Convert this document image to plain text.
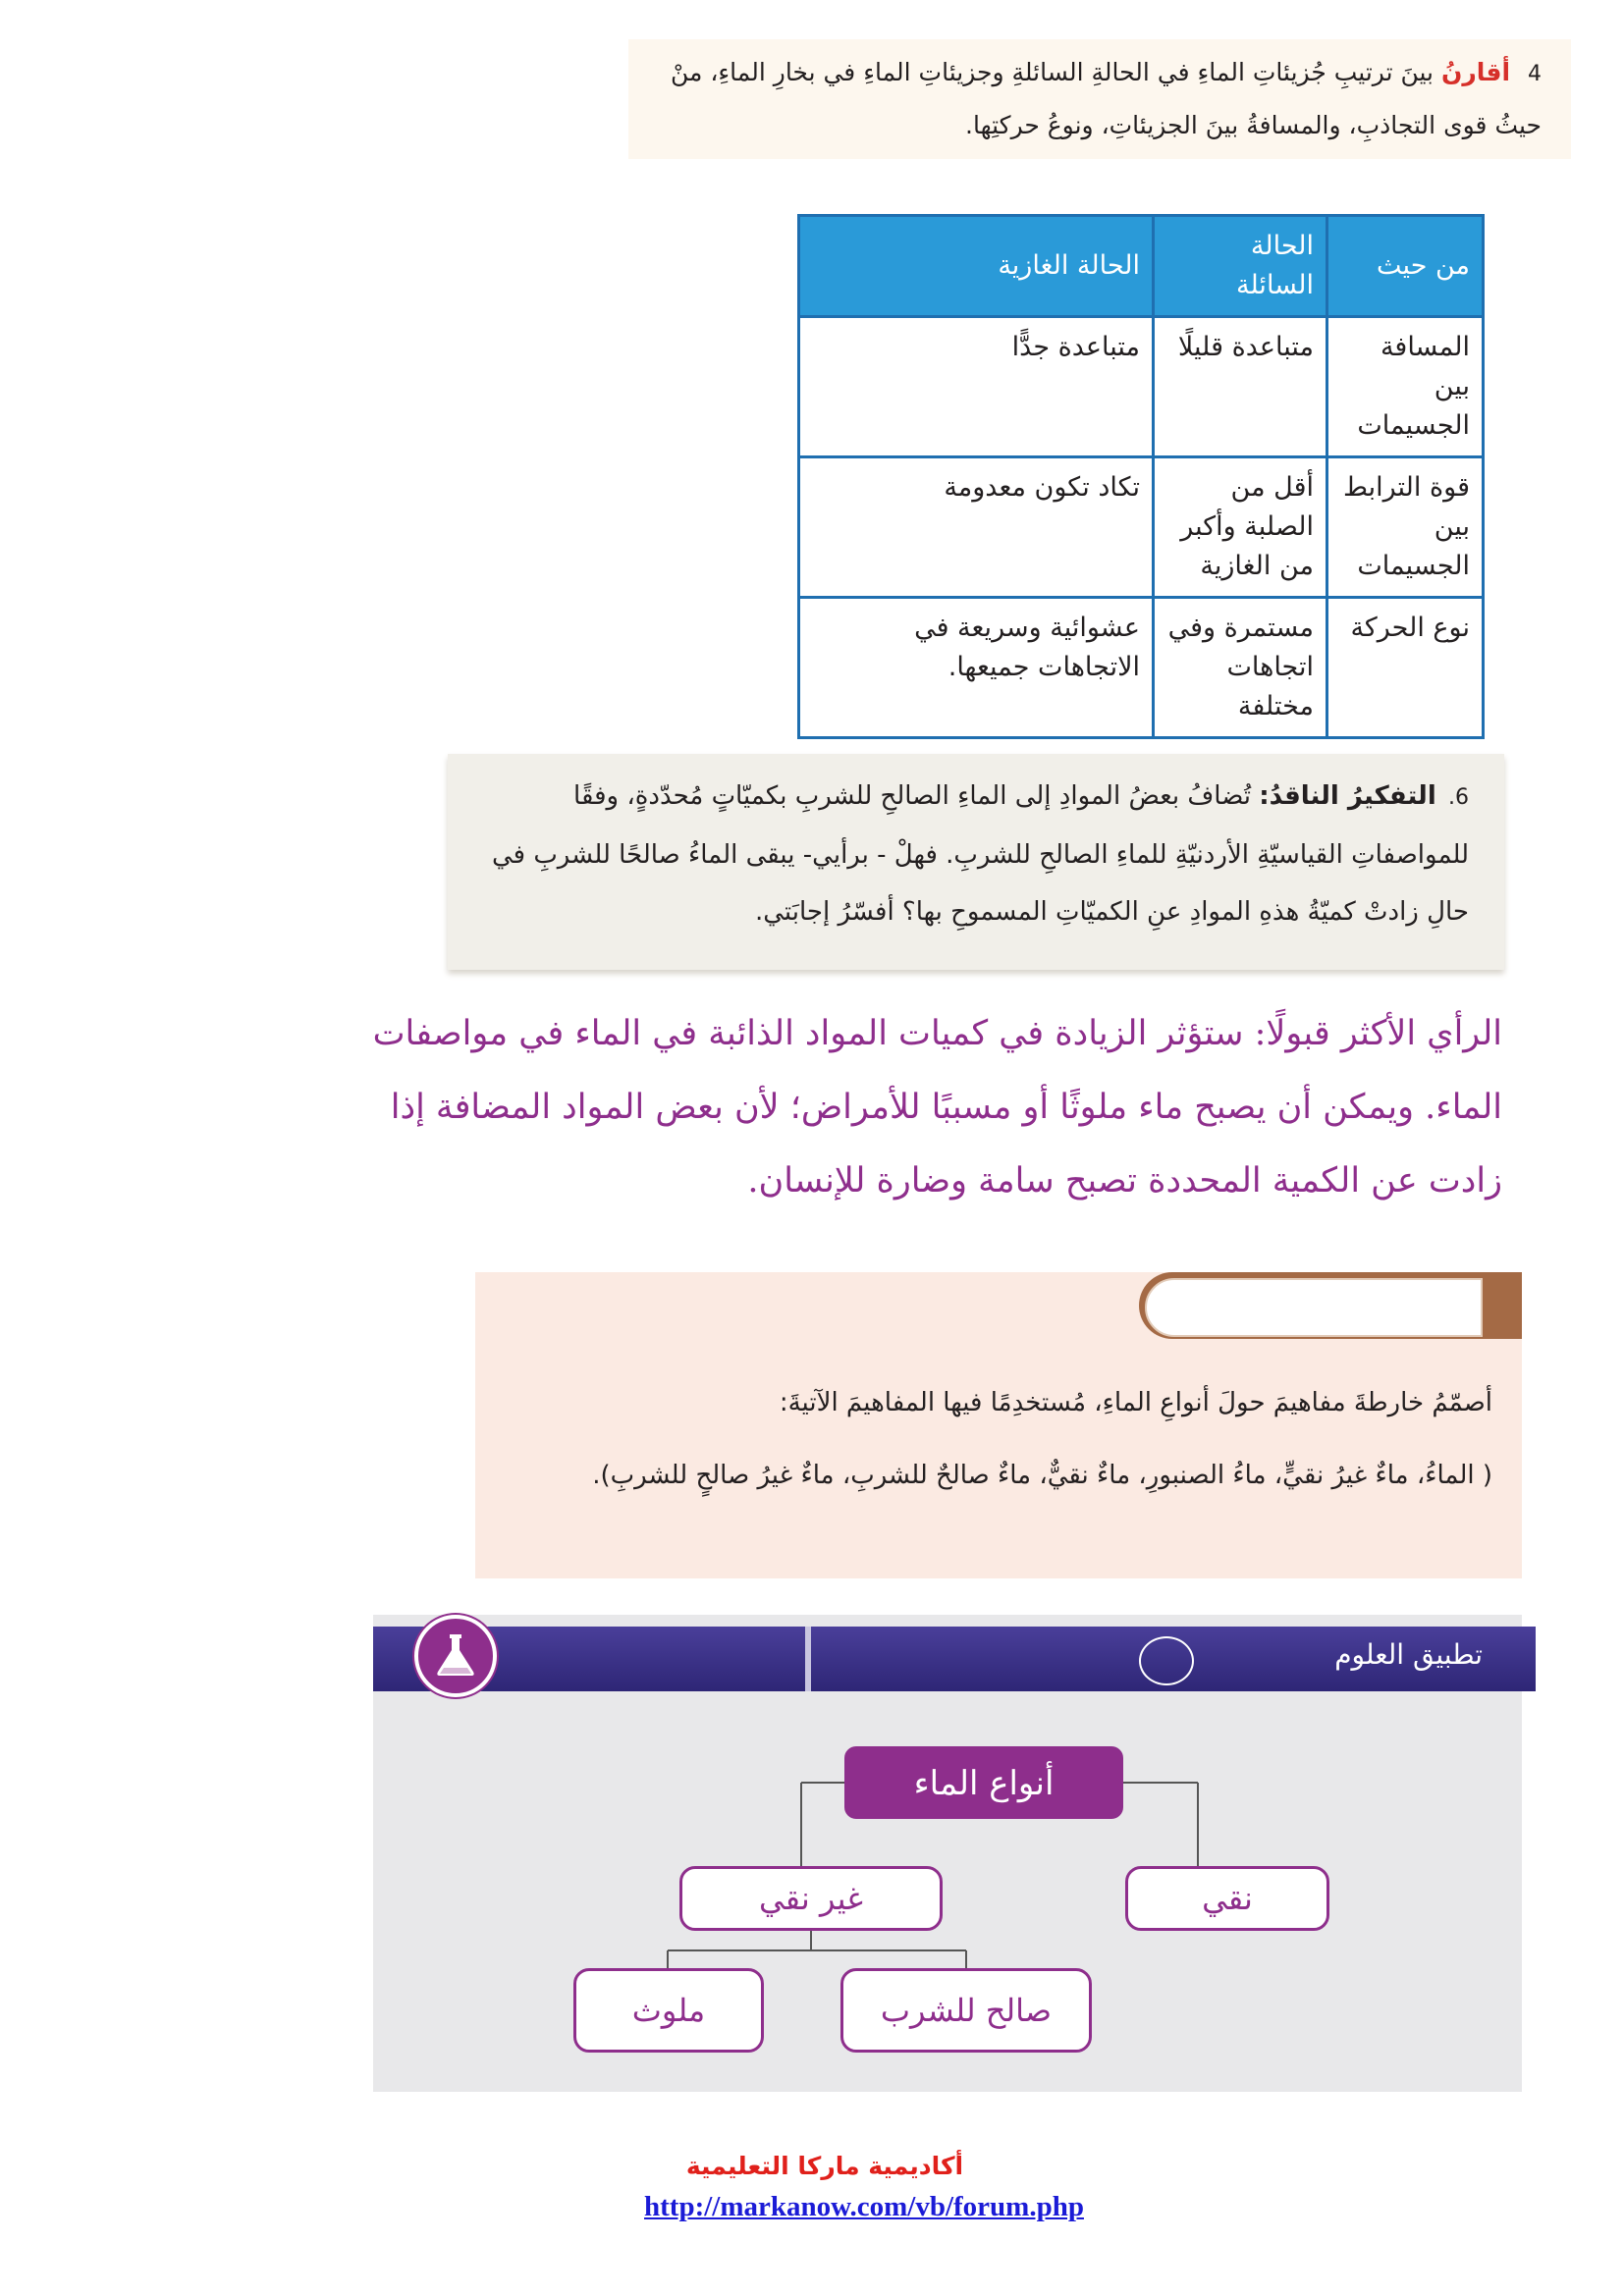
4 أقارنُ بينَ ترتيبِ جُزيئاتِ الماءِ في الحالةِ السائلةِ وجزيئاتِ الماءِ في بخارِ الماءِ، منْ حيثُ قوى التجاذبِ، والمسافةُ بينَ الجزيئاتِ، ونوعُ حركتِها.
من حيث	الحالة السائلة	الحالة الغازية
المسافة بين الجسيمات	متباعدة قليلًا	متباعدة جدًّا
قوة الترابط بين الجسيمات	أقل من الصلبة وأكبر من الغازية	تكاد تكون معدومة
نوع الحركة	مستمرة وفي اتجاهات مختلفة	عشوائية وسريعة في الاتجاهات جميعها.
6. التفكيرُ الناقدُ: تُضافُ بعضُ الموادِ إلى الماءِ الصالحِ للشربِ بكميّاتٍ مُحدّدةٍ، وفقًا للمواصفاتِ القياسيّةِ الأردنيّةِ للماءِ الصالحِ للشربِ. فهلْ - برأيي- يبقى الماءُ صالحًا للشربِ في حالِ زادتْ كميّةُ هذهِ الموادِ عنِ الكميّاتِ المسموحِ بها؟ أفسّرُ إجابَتي.
الرأي الأكثر قبولًا: ستؤثر الزيادة في كميات المواد الذائبة في الماء في مواصفات الماء. ويمكن أن يصبح ماء ملوثًا أو مسببًا للأمراض؛ لأن بعض المواد المضافة إذا زادت عن الكمية المحددة تصبح سامة وضارة للإنسان.
تطبيقُ العلومِ
أصمّمُ خارطةَ مفاهيمَ حولَ أنواعِ الماءِ، مُستخدِمًا فيها المفاهيمَ الآتيةَ:
( الماءُ، ماءٌ غيرُ نقيٍّ، ماءُ الصنبورِ، ماءٌ نقيٌّ، ماءٌ صالحٌ للشربِ، ماءٌ غيرُ صالحٍ للشربِ).
تطبيق العلوم
أنواع الماء
نقي
غير نقي
صالح للشرب
ملوث
أكاديمية ماركا التعليمية
http://markanow.com/vb/forum.php
